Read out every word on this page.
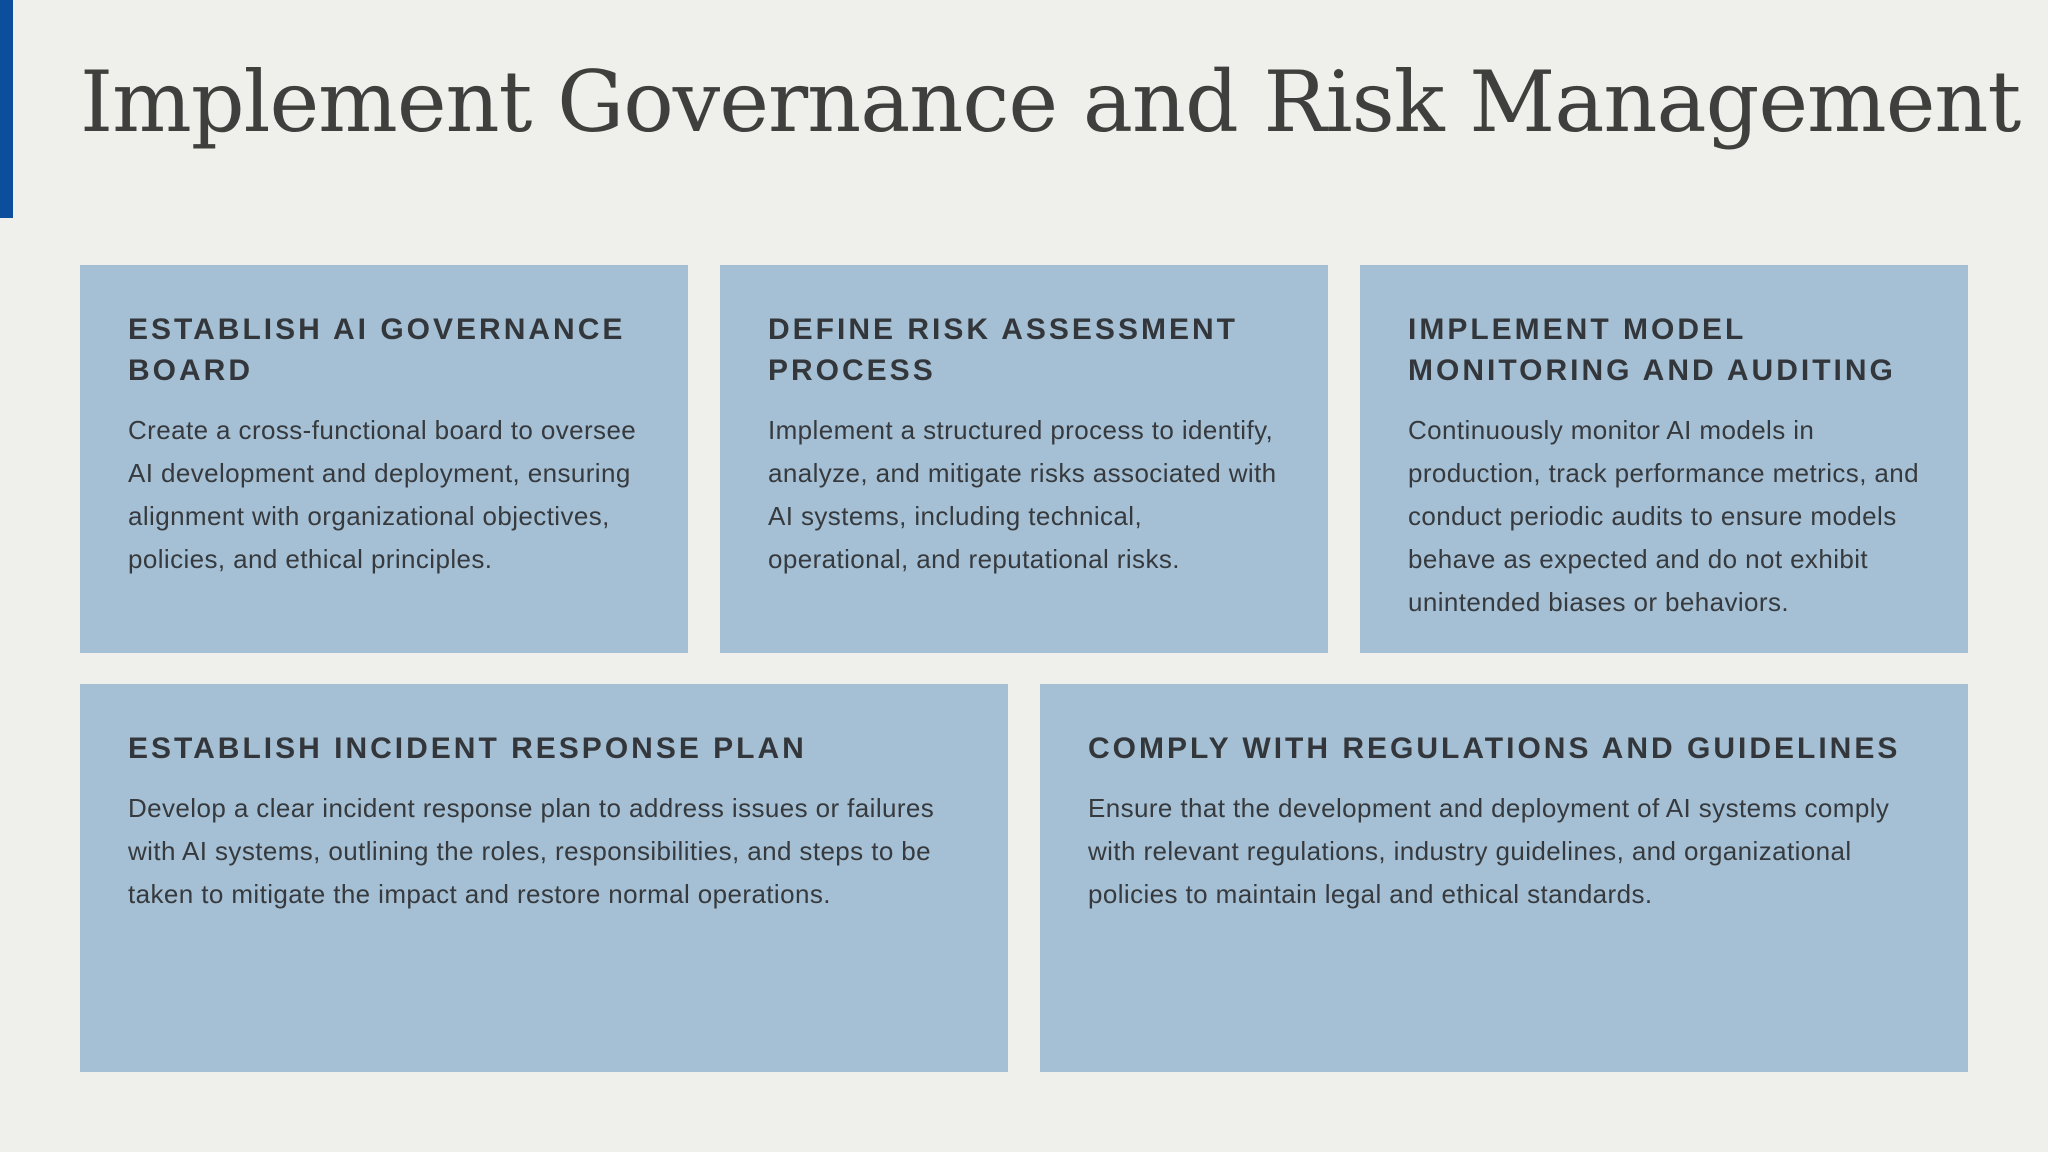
Implement Governance and Risk Management
ESTABLISH AI GOVERNANCE BOARD

Create a cross-functional board to oversee AI development and deployment, ensuring alignment with organizational objectives, policies, and ethical principles.

DEFINE RISK ASSESSMENT PROCESS

Implement a structured process to identify, analyze, and mitigate risks associated with AI systems, including technical, operational, and reputational risks.

IMPLEMENT MODEL MONITORING AND AUDITING

Continuously monitor AI models in production, track performance metrics, and conduct periodic audits to ensure models behave as expected and do not exhibit unintended biases or behaviors.

ESTABLISH INCIDENT RESPONSE PLAN

Develop a clear incident response plan to address issues or failures with AI systems, outlining the roles, responsibilities, and steps to be taken to mitigate the impact and restore normal operations.

COMPLY WITH REGULATIONS AND GUIDELINES

Ensure that the development and deployment of AI systems comply with relevant regulations, industry guidelines, and organizational policies to maintain legal and ethical standards.
